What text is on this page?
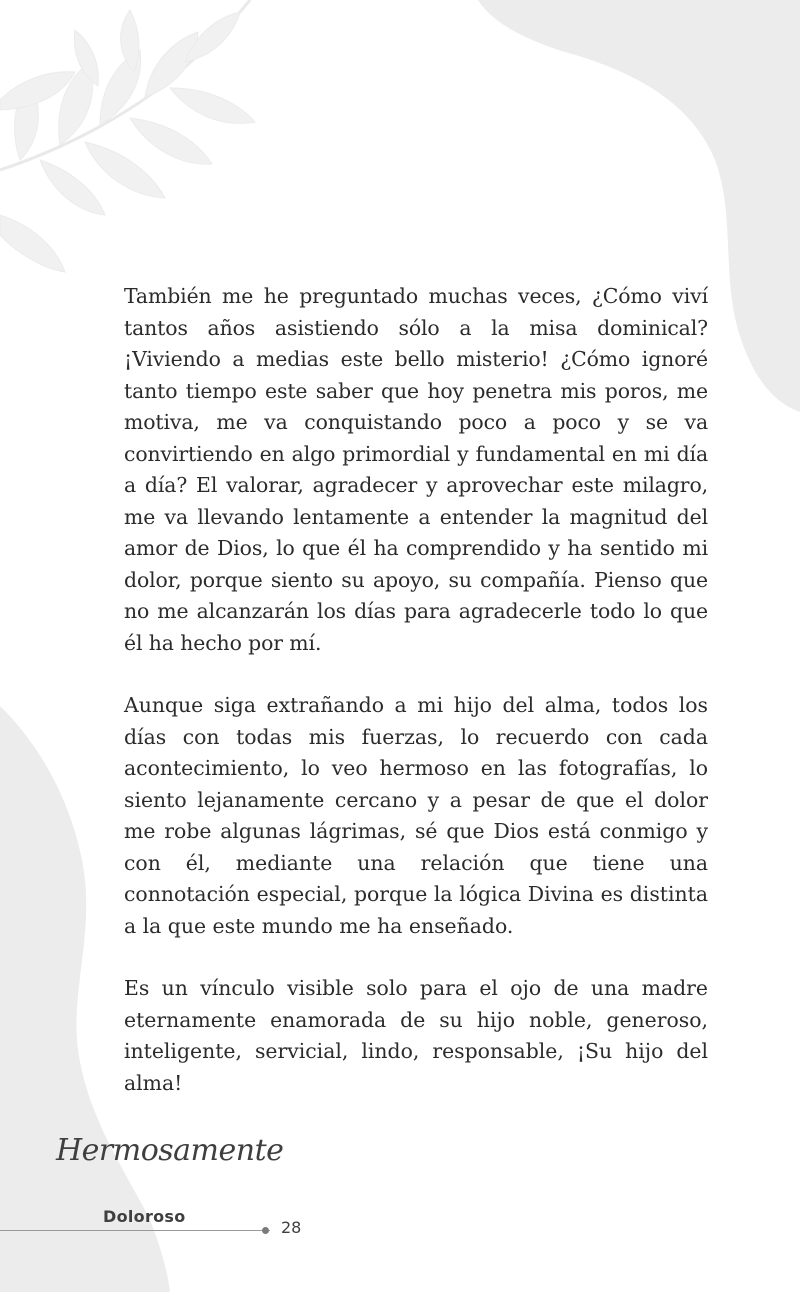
También me he preguntado muchas veces, ¿Cómo viví tantos años asistiendo sólo a la misa dominical? ¡Viviendo a medias este bello misterio! ¿Cómo ignoré tanto tiempo este saber que hoy penetra mis poros, me motiva, me va conquistando poco a poco y se va convirtiendo en algo primordial y fundamental en mi día a día? El valorar, agradecer y aprovechar este milagro, me va llevando lentamente a entender la magnitud del amor de Dios, lo que él ha comprendido y ha sentido mi dolor, porque siento su apoyo, su compañía. Pienso que no me alcanzarán los días para agradecerle todo lo que él ha hecho por mí.

Aunque siga extrañando a mi hijo del alma, todos los días con todas mis fuerzas, lo recuerdo con cada acontecimiento, lo veo hermoso en las fotografías, lo siento lejanamente cercano y a pesar de que el dolor me robe algunas lágrimas, sé que Dios está conmigo y con él, mediante una relación que tiene una connotación especial, porque la lógica Divina es distinta a la que este mundo me ha enseñado.

Es un vínculo visible solo para el ojo de una madre eternamente enamorada de su hijo noble, generoso, inteligente, servicial, lindo, responsable, ¡Su hijo del alma!

Hermosamente
Doloroso
28
